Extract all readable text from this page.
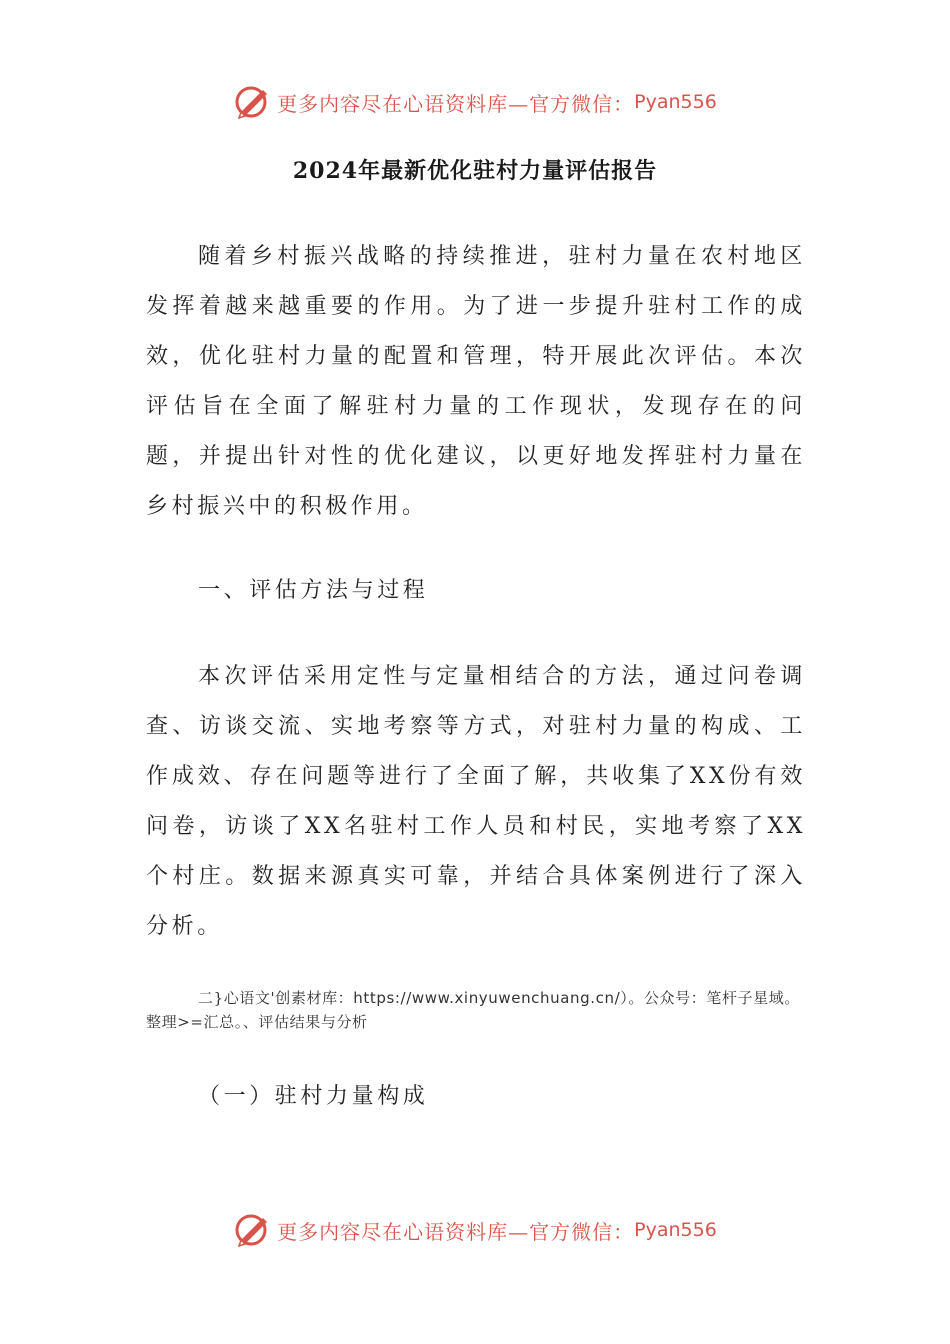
更多内容尽在心语资料库—官方微信： Pyan556
2024年最新优化驻村力量评估报告

随着乡村振兴战略的持续推进，驻村力量在农村地区发挥着越来越重要的作用。为了进一步提升驻村工作的成效，优化驻村力量的配置和管理，特开展此次评估。本次评估旨在全面了解驻村力量的工作现状，发现存在的问题，并提出针对性的优化建议，以更好地发挥驻村力量在乡村振兴中的积极作用。

一、评估方法与过程

本次评估采用定性与定量相结合的方法，通过问卷调查、访谈交流、实地考察等方式，对驻村力量的构成、工作成效、存在问题等进行了全面了解，共收集了XX份有效问卷，访谈了XX名驻村工作人员和村民，实地考察了XX个村庄。数据来源真实可靠，并结合具体案例进行了深入分析。

二}心语文'创素材库：https://www.xinyuwenchuang.cn/）。公众号：笔杆子星域。整理>=汇总。、评估结果与分析

（一）驻村力量构成

更多内容尽在心语资料库—官方微信： Pyan556
